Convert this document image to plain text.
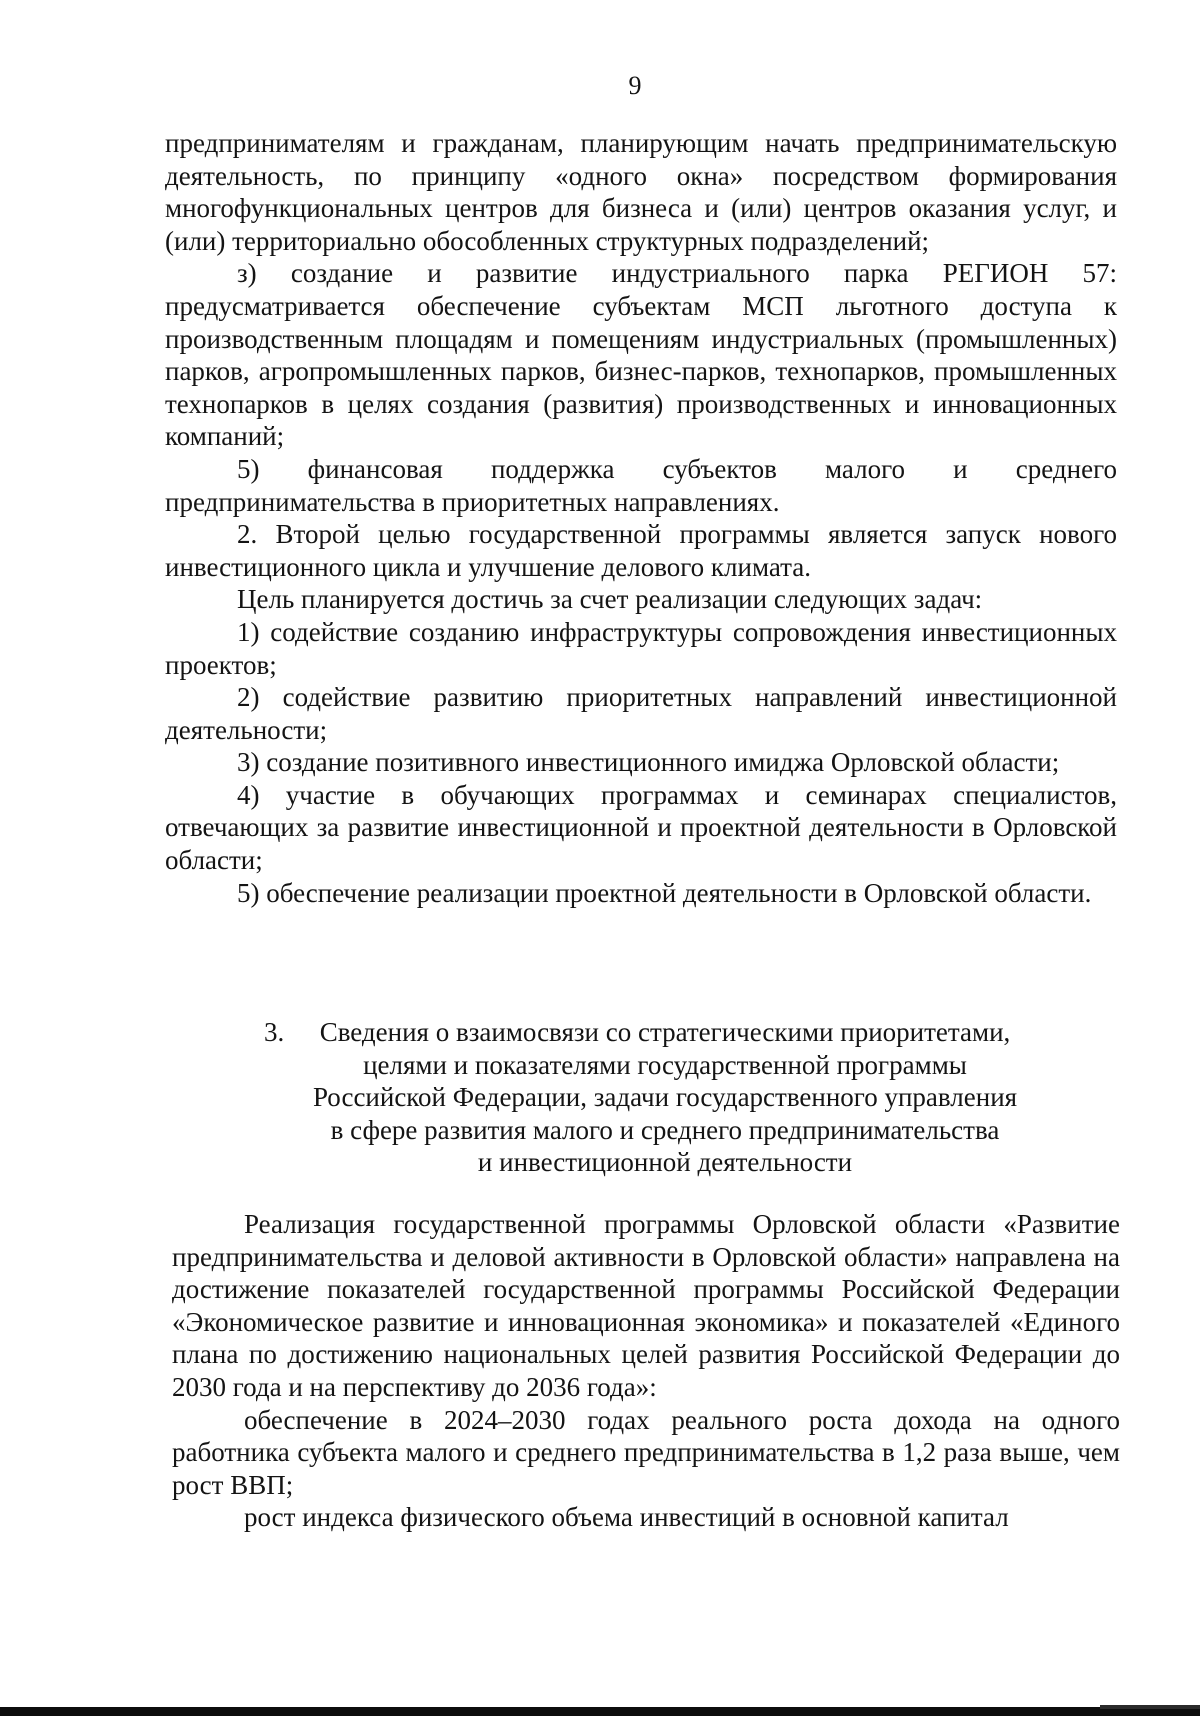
9

предпринимателям и гражданам, планирующим начать предпринимательскую деятельность, по принципу «одного окна» посредством формирования многофункциональных центров для бизнеса и (или) центров оказания услуг, и (или) территориально обособленных структурных подразделений;

з) создание и развитие индустриального парка РЕГИОН 57: предусматривается обеспечение субъектам МСП льготного доступа к производственным площадям и помещениям индустриальных (промышленных) парков, агропромышленных парков, бизнес-парков, технопарков, промышленных технопарков в целях создания (развития) производственных и инновационных компаний;

5) финансовая поддержка субъектов малого и среднего предпринимательства в приоритетных направлениях.

2. Второй целью государственной программы является запуск нового инвестиционного цикла и улучшение делового климата.

Цель планируется достичь за счет реализации следующих задач:

1) содействие созданию инфраструктуры сопровождения инвестиционных проектов;

2) содействие развитию приоритетных направлений инвестиционной деятельности;

3) создание позитивного инвестиционного имиджа Орловской области;

4) участие в обучающих программах и семинарах специалистов, отвечающих за развитие инвестиционной и проектной деятельности в Орловской области;

5) обеспечение реализации проектной деятельности в Орловской области.

3.	Сведения о взаимосвязи со стратегическими приоритетами,
целями и показателями государственной программы
Российской Федерации, задачи государственного управления
в сфере развития малого и среднего предпринимательства
и инвестиционной деятельности

Реализация государственной программы Орловской области «Развитие предпринимательства и деловой активности в Орловской области» направлена на достижение показателей государственной программы Российской Федерации «Экономическое развитие и инновационная экономика» и показателей «Единого плана по достижению национальных целей развития Российской Федерации до 2030 года и на перспективу до 2036 года»:

обеспечение в 2024–2030 годах реального роста дохода на одного работника субъекта малого и среднего предпринимательства в 1,2 раза выше, чем рост ВВП;

рост индекса физического объема инвестиций в основной капитал
